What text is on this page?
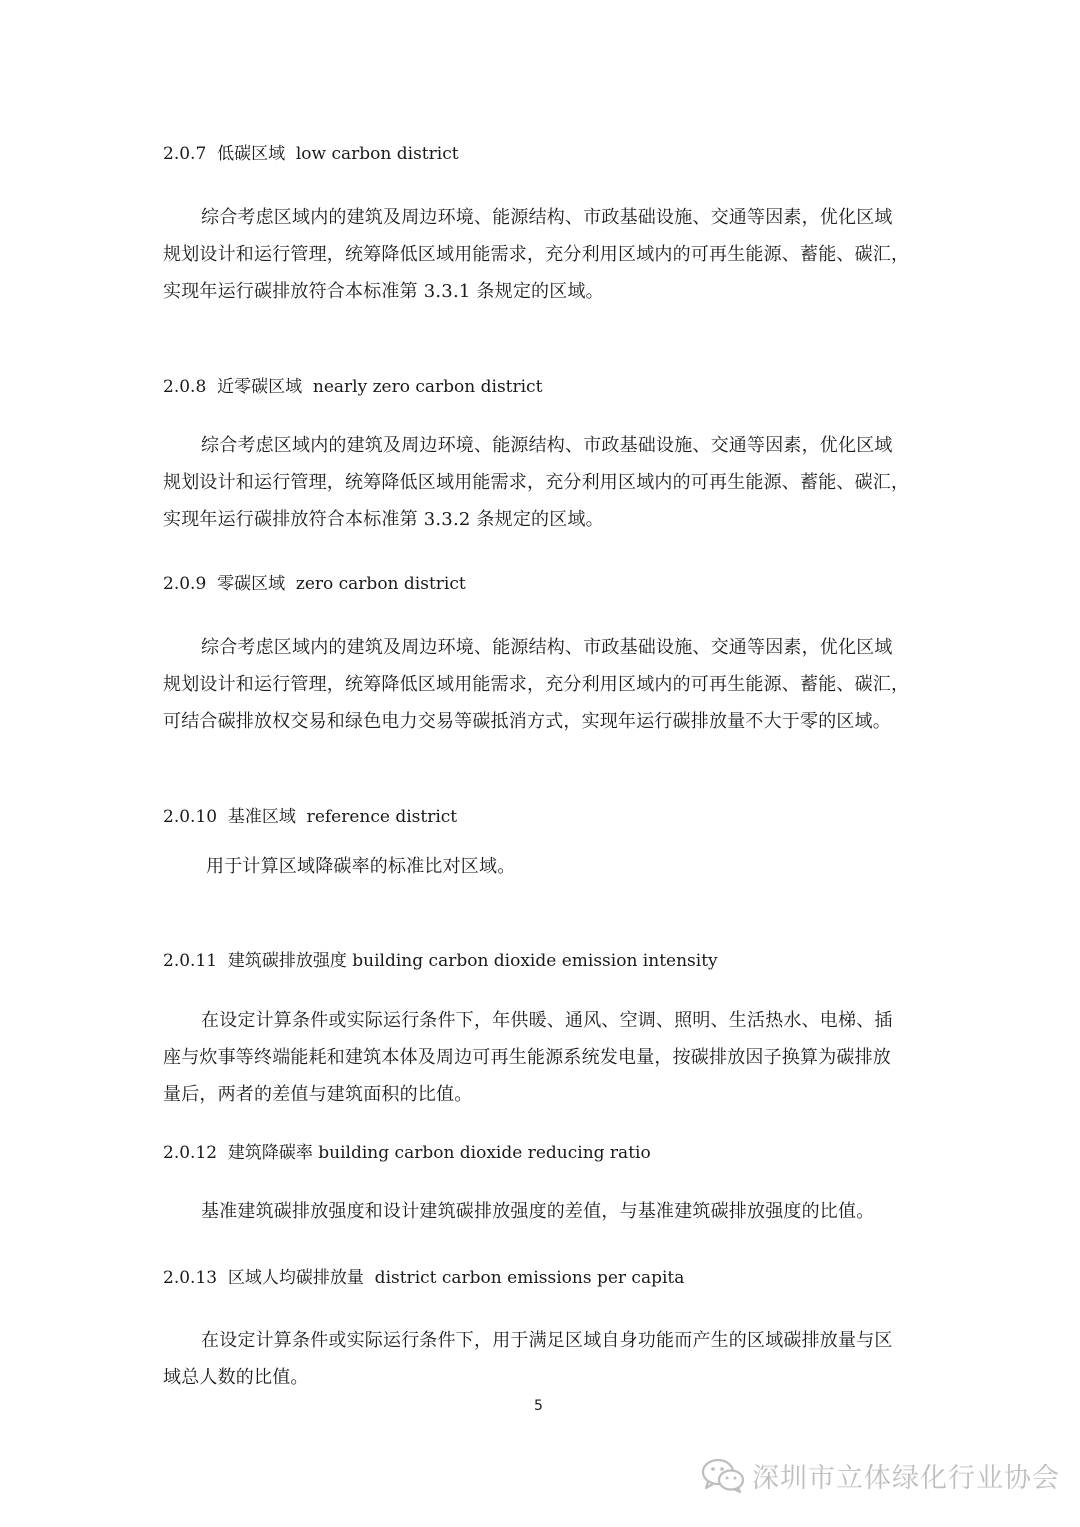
2.0.7  低碳区域  low carbon district
综合考虑区域内的建筑及周边环境、能源结构、市政基础设施、交通等因素，优化区域
规划设计和运行管理，统筹降低区域用能需求，充分利用区域内的可再生能源、蓄能、碳汇，
实现年运行碳排放符合本标准第 3.3.1 条规定的区域。
2.0.8  近零碳区域  nearly zero carbon district
综合考虑区域内的建筑及周边环境、能源结构、市政基础设施、交通等因素，优化区域
规划设计和运行管理，统筹降低区域用能需求，充分利用区域内的可再生能源、蓄能、碳汇，
实现年运行碳排放符合本标准第 3.3.2 条规定的区域。
2.0.9  零碳区域  zero carbon district
综合考虑区域内的建筑及周边环境、能源结构、市政基础设施、交通等因素，优化区域
规划设计和运行管理，统筹降低区域用能需求，充分利用区域内的可再生能源、蓄能、碳汇，
可结合碳排放权交易和绿色电力交易等碳抵消方式，实现年运行碳排放量不大于零的区域。
2.0.10  基准区域  reference district
用于计算区域降碳率的标准比对区域。
2.0.11  建筑碳排放强度 building carbon dioxide emission intensity
在设定计算条件或实际运行条件下，年供暖、通风、空调、照明、生活热水、电梯、插
座与炊事等终端能耗和建筑本体及周边可再生能源系统发电量，按碳排放因子换算为碳排放
量后，两者的差值与建筑面积的比值。
2.0.12  建筑降碳率 building carbon dioxide reducing ratio
基准建筑碳排放强度和设计建筑碳排放强度的差值，与基准建筑碳排放强度的比值。
2.0.13  区域人均碳排放量  district carbon emissions per capita
在设定计算条件或实际运行条件下，用于满足区域自身功能而产生的区域碳排放量与区
域总人数的比值。
5
深圳市立体绿化行业协会
